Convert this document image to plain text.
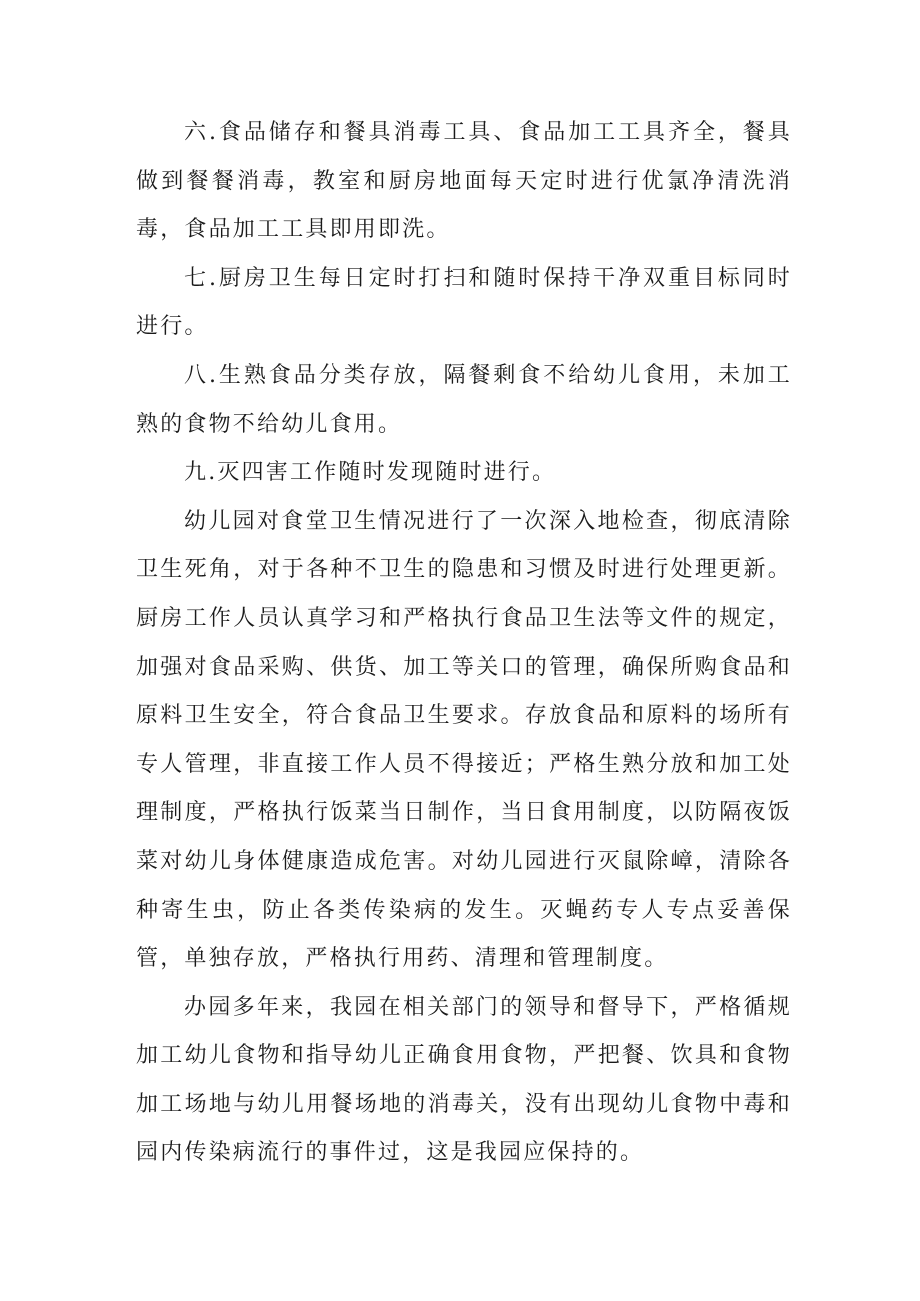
六.食品储存和餐具消毒工具、食品加工工具齐全，餐具做到餐餐消毒，教室和厨房地面每天定时进行优氯净清洗消毒，食品加工工具即用即洗。

七.厨房卫生每日定时打扫和随时保持干净双重目标同时进行。

八.生熟食品分类存放，隔餐剩食不给幼儿食用，未加工熟的食物不给幼儿食用。

九.灭四害工作随时发现随时进行。

幼儿园对食堂卫生情况进行了一次深入地检查，彻底清除卫生死角，对于各种不卫生的隐患和习惯及时进行处理更新。厨房工作人员认真学习和严格执行食品卫生法等文件的规定，加强对食品采购、供货、加工等关口的管理，确保所购食品和原料卫生安全，符合食品卫生要求。存放食品和原料的场所有专人管理，非直接工作人员不得接近；严格生熟分放和加工处理制度，严格执行饭菜当日制作，当日食用制度，以防隔夜饭菜对幼儿身体健康造成危害。对幼儿园进行灭鼠除嶂，清除各种寄生虫，防止各类传染病的发生。灭蝇药专人专点妥善保管，单独存放，严格执行用药、清理和管理制度。

办园多年来，我园在相关部门的领导和督导下，严格循规加工幼儿食物和指导幼儿正确食用食物，严把餐、饮具和食物加工场地与幼儿用餐场地的消毒关，没有出现幼儿食物中毒和园内传染病流行的事件过，这是我园应保持的。
